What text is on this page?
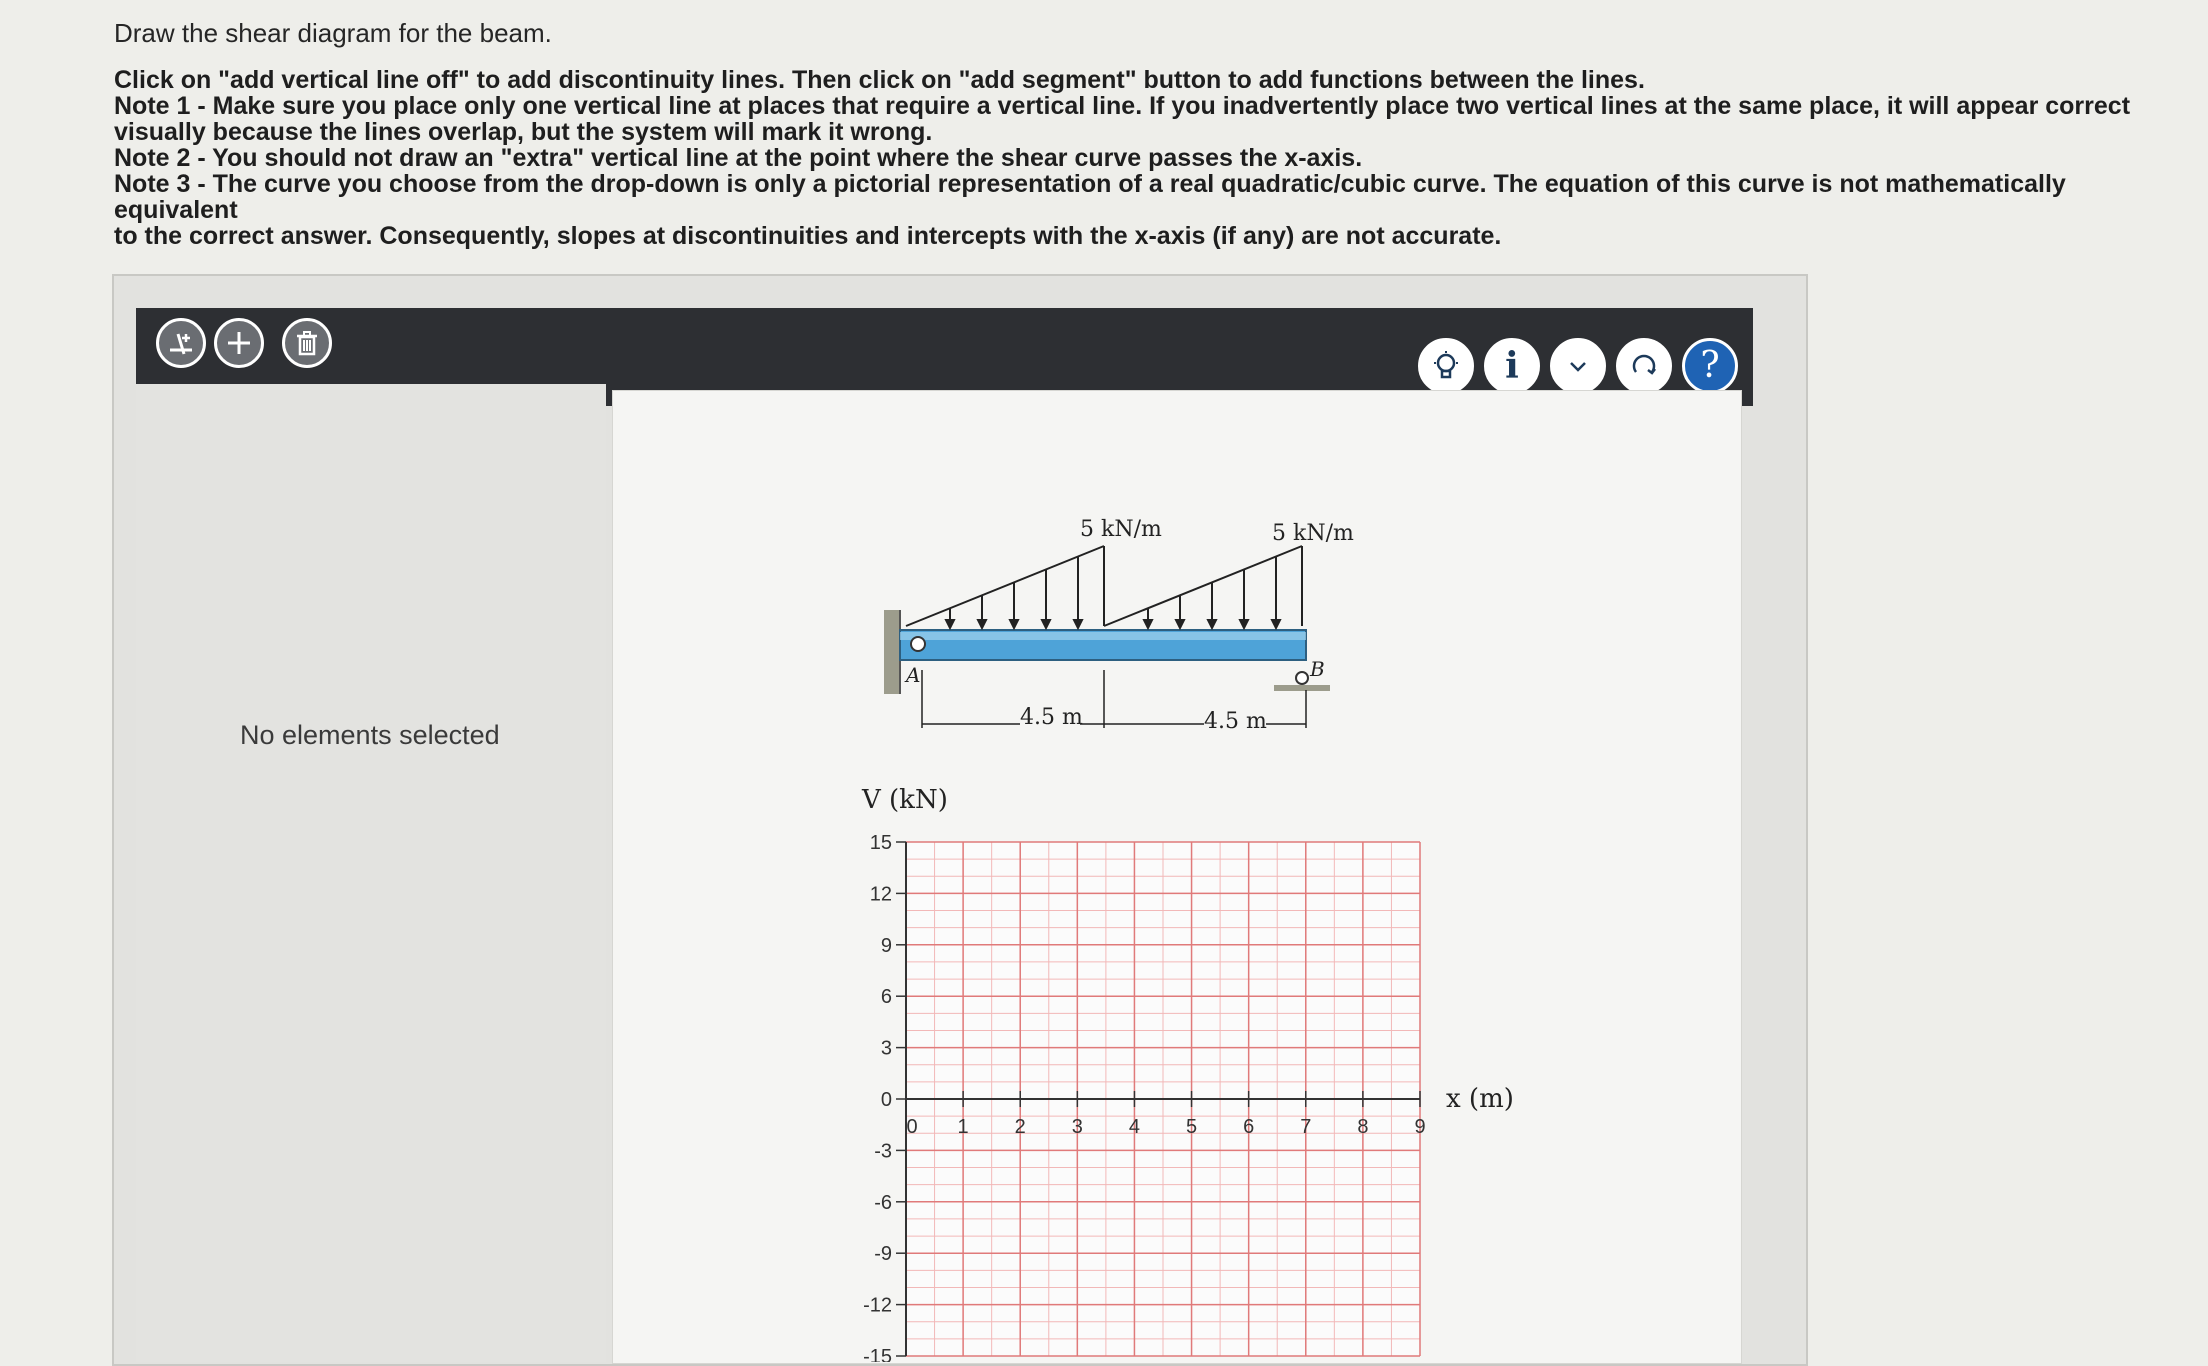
Draw the shear diagram for the beam.

Click on "add vertical line off" to add discontinuity lines. Then click on "add segment" button to add functions between the lines.

Note 1 - Make sure you place only one vertical line at places that require a vertical line. If you inadvertently place two vertical lines at the same place, it will appear correct

visually because the lines overlap, but the system will mark it wrong.

Note 2 - You should not draw an "extra" vertical line at the point where the shear curve passes the x-axis.

Note 3 - The curve you choose from the drop-down is only a pictorial representation of a real quadratic/cubic curve. The equation of this curve is not mathematically equivalent

to the correct answer. Consequently, slopes at discontinuities and intercepts with the x-axis (if any) are not accurate.

i	?
No elements selected
5 kN/m	5 kN/m
A	B
4.5 m	4.5 m
15
12
9
6
3
0
-3
-6
-9
-12
-15
0 1 2 3 4 5 6 7 8 9
V (kN)
x (m)
